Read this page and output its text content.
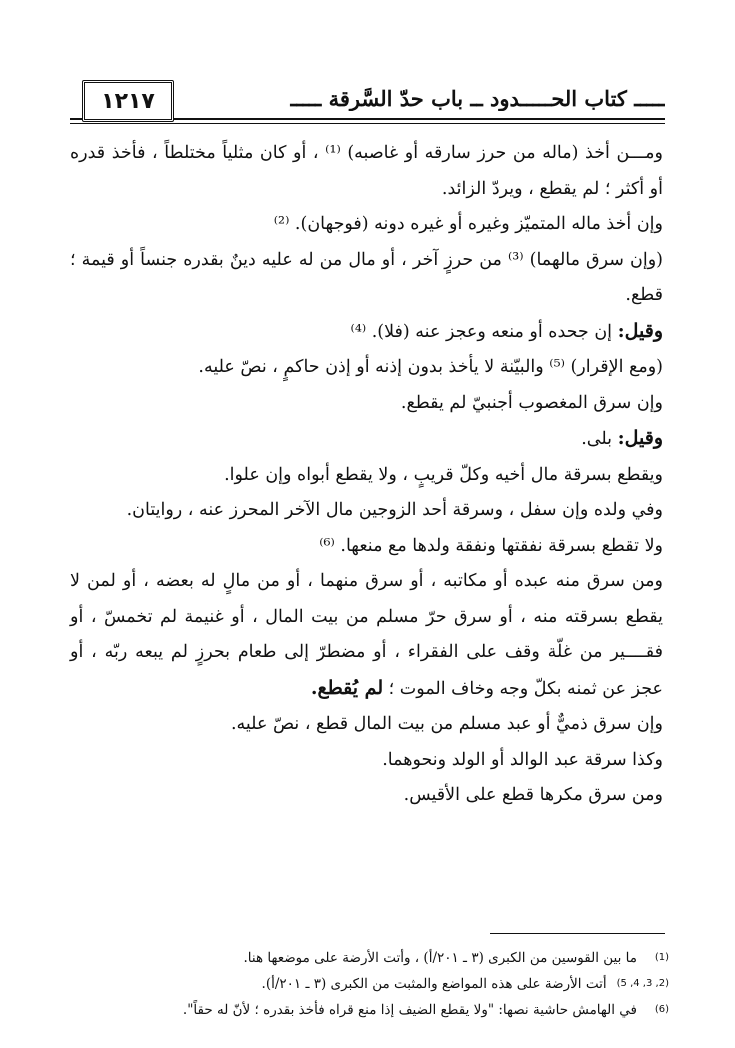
١٢١٧	ـــــ كتاب الحـــــدود ــ باب حدّ السَّرِقة ـــــ

ومـــن أخذ (ماله من حرز سارقه أو غاصبه) ⁽¹⁾ ، أو كان مثلياً مختلطاً ، فأخذ قدره أو أكثر ؛ لم يقطع ، ويردّ الزائد.

وإن أخذ ماله المتميّز وغيره أو غيره دونه (فوجهان). ⁽²⁾

(وإن سرق مالهما) ⁽³⁾ من حرزٍ آخر ، أو مال من له عليه دينٌ بقدره جنساً أو قيمة ؛ قطع.

وقيل: إن جحده أو منعه وعجز عنه (فلا). ⁽⁴⁾

(ومع الإقرار) ⁽⁵⁾ والبيّنة لا يأخذ بدون إذنه أو إذن حاكمٍ ، نصّ عليه.

وإن سرق المغصوب أجنبيّ لم يقطع.

وقيل: بلى.

ويقطع بسرقة مال أخيه وكلّ قريبٍ ، ولا يقطع أبواه وإن علوا.

وفي ولده وإن سفل ، وسرقة أحد الزوجين مال الآخر المحرز عنه ، روايتان.

ولا تقطع بسرقة نفقتها ونفقة ولدها مع منعها. ⁽⁶⁾

ومن سرق منه عبده أو مكاتبه ، أو سرق منهما ، أو من مالٍ له بعضه ، أو لمن لا يقطع بسرقته منه ، أو سرق حرّ مسلم من بيت المال ، أو غنيمة لم تخمسّ ، أو فقــــير من غلّة وقف على الفقراء ، أو مضطرّ إلى طعام بحرزٍ لم يبعه ربّه ، أو عجز عن ثمنه بكلّ وجه وخاف الموت ؛ لم يُقطع.

وإن سرق ذميٌّ أو عبد مسلم من بيت المال قطع ، نصّ عليه.

وكذا سرقة عبد الوالد أو الولد ونحوهما.

ومن سرق مكرها قطع على الأقيس.

(1)
ما بين القوسين من الكبرى (٣ ـ ٢٠١/أ) ، وأتت الأرضة على موضعها هنا.
(2, 3, 4, 5)
أتت الأرضة على هذه المواضع والمثبت من الكبرى (٣ ـ ٢٠١/أ).
(6)
في الهامش حاشية نصها: "ولا يقطع الضيف إذا منع قراه فأخذ بقدره ؛ لأنّ له حقاً".
